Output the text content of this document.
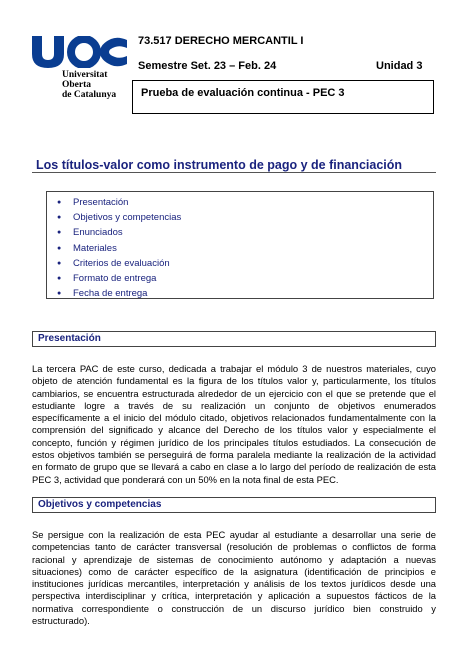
Universitat
Oberta
de Catalunya
73.517 DERECHO MERCANTIL I
Semestre Set. 23 – Feb. 24	Unidad 3
Prueba de evaluación continua - PEC 3
Los títulos-valor como instrumento de pago y de financiación
●	Presentación
●	Objetivos y competencias
●	Enunciados
●	Materiales
●	Criterios de evaluación
●	Formato de entrega
●	Fecha de entrega
Presentación

La tercera PAC de este curso, dedicada a trabajar el módulo 3 de nuestros materiales, cuyo objeto de atención fundamental es la figura de los títulos valor y, particularmente, los títulos cambiarios, se encuentra estructurada alrededor de un ejercicio con el que se pretende que el estudiante logre a través de su realización un conjunto de objetivos enumerados específicamente a el inicio del módulo citado, objetivos relacionados fundamentalmente con la comprensión del significado y alcance del Derecho de los títulos valor y especialmente el concepto, función y régimen jurídico de los principales títulos estudiados. La consecución de estos objetivos también se perseguirá de forma paralela mediante la realización de la actividad en formato de grupo que se llevará a cabo en clase a lo largo del período de realización de esta PEC 3, actividad que ponderará con un 50% en la nota final de esta PEC.

Objetivos y competencias

Se persigue con la realización de esta PEC ayudar al estudiante a desarrollar una serie de competencias tanto de carácter transversal (resolución de problemas o conflictos de forma racional y aprendizaje de sistemas de conocimiento autónomo y adaptación a nuevas situaciones) como de carácter específico de la asignatura (identificación de principios e instituciones jurídicas mercantiles, interpretación y análisis de los textos jurídicos desde una perspectiva interdisciplinar y crítica, interpretación y aplicación a supuestos fácticos de la normativa correspondiente o construcción de un discurso jurídico bien construido y estructurado).
